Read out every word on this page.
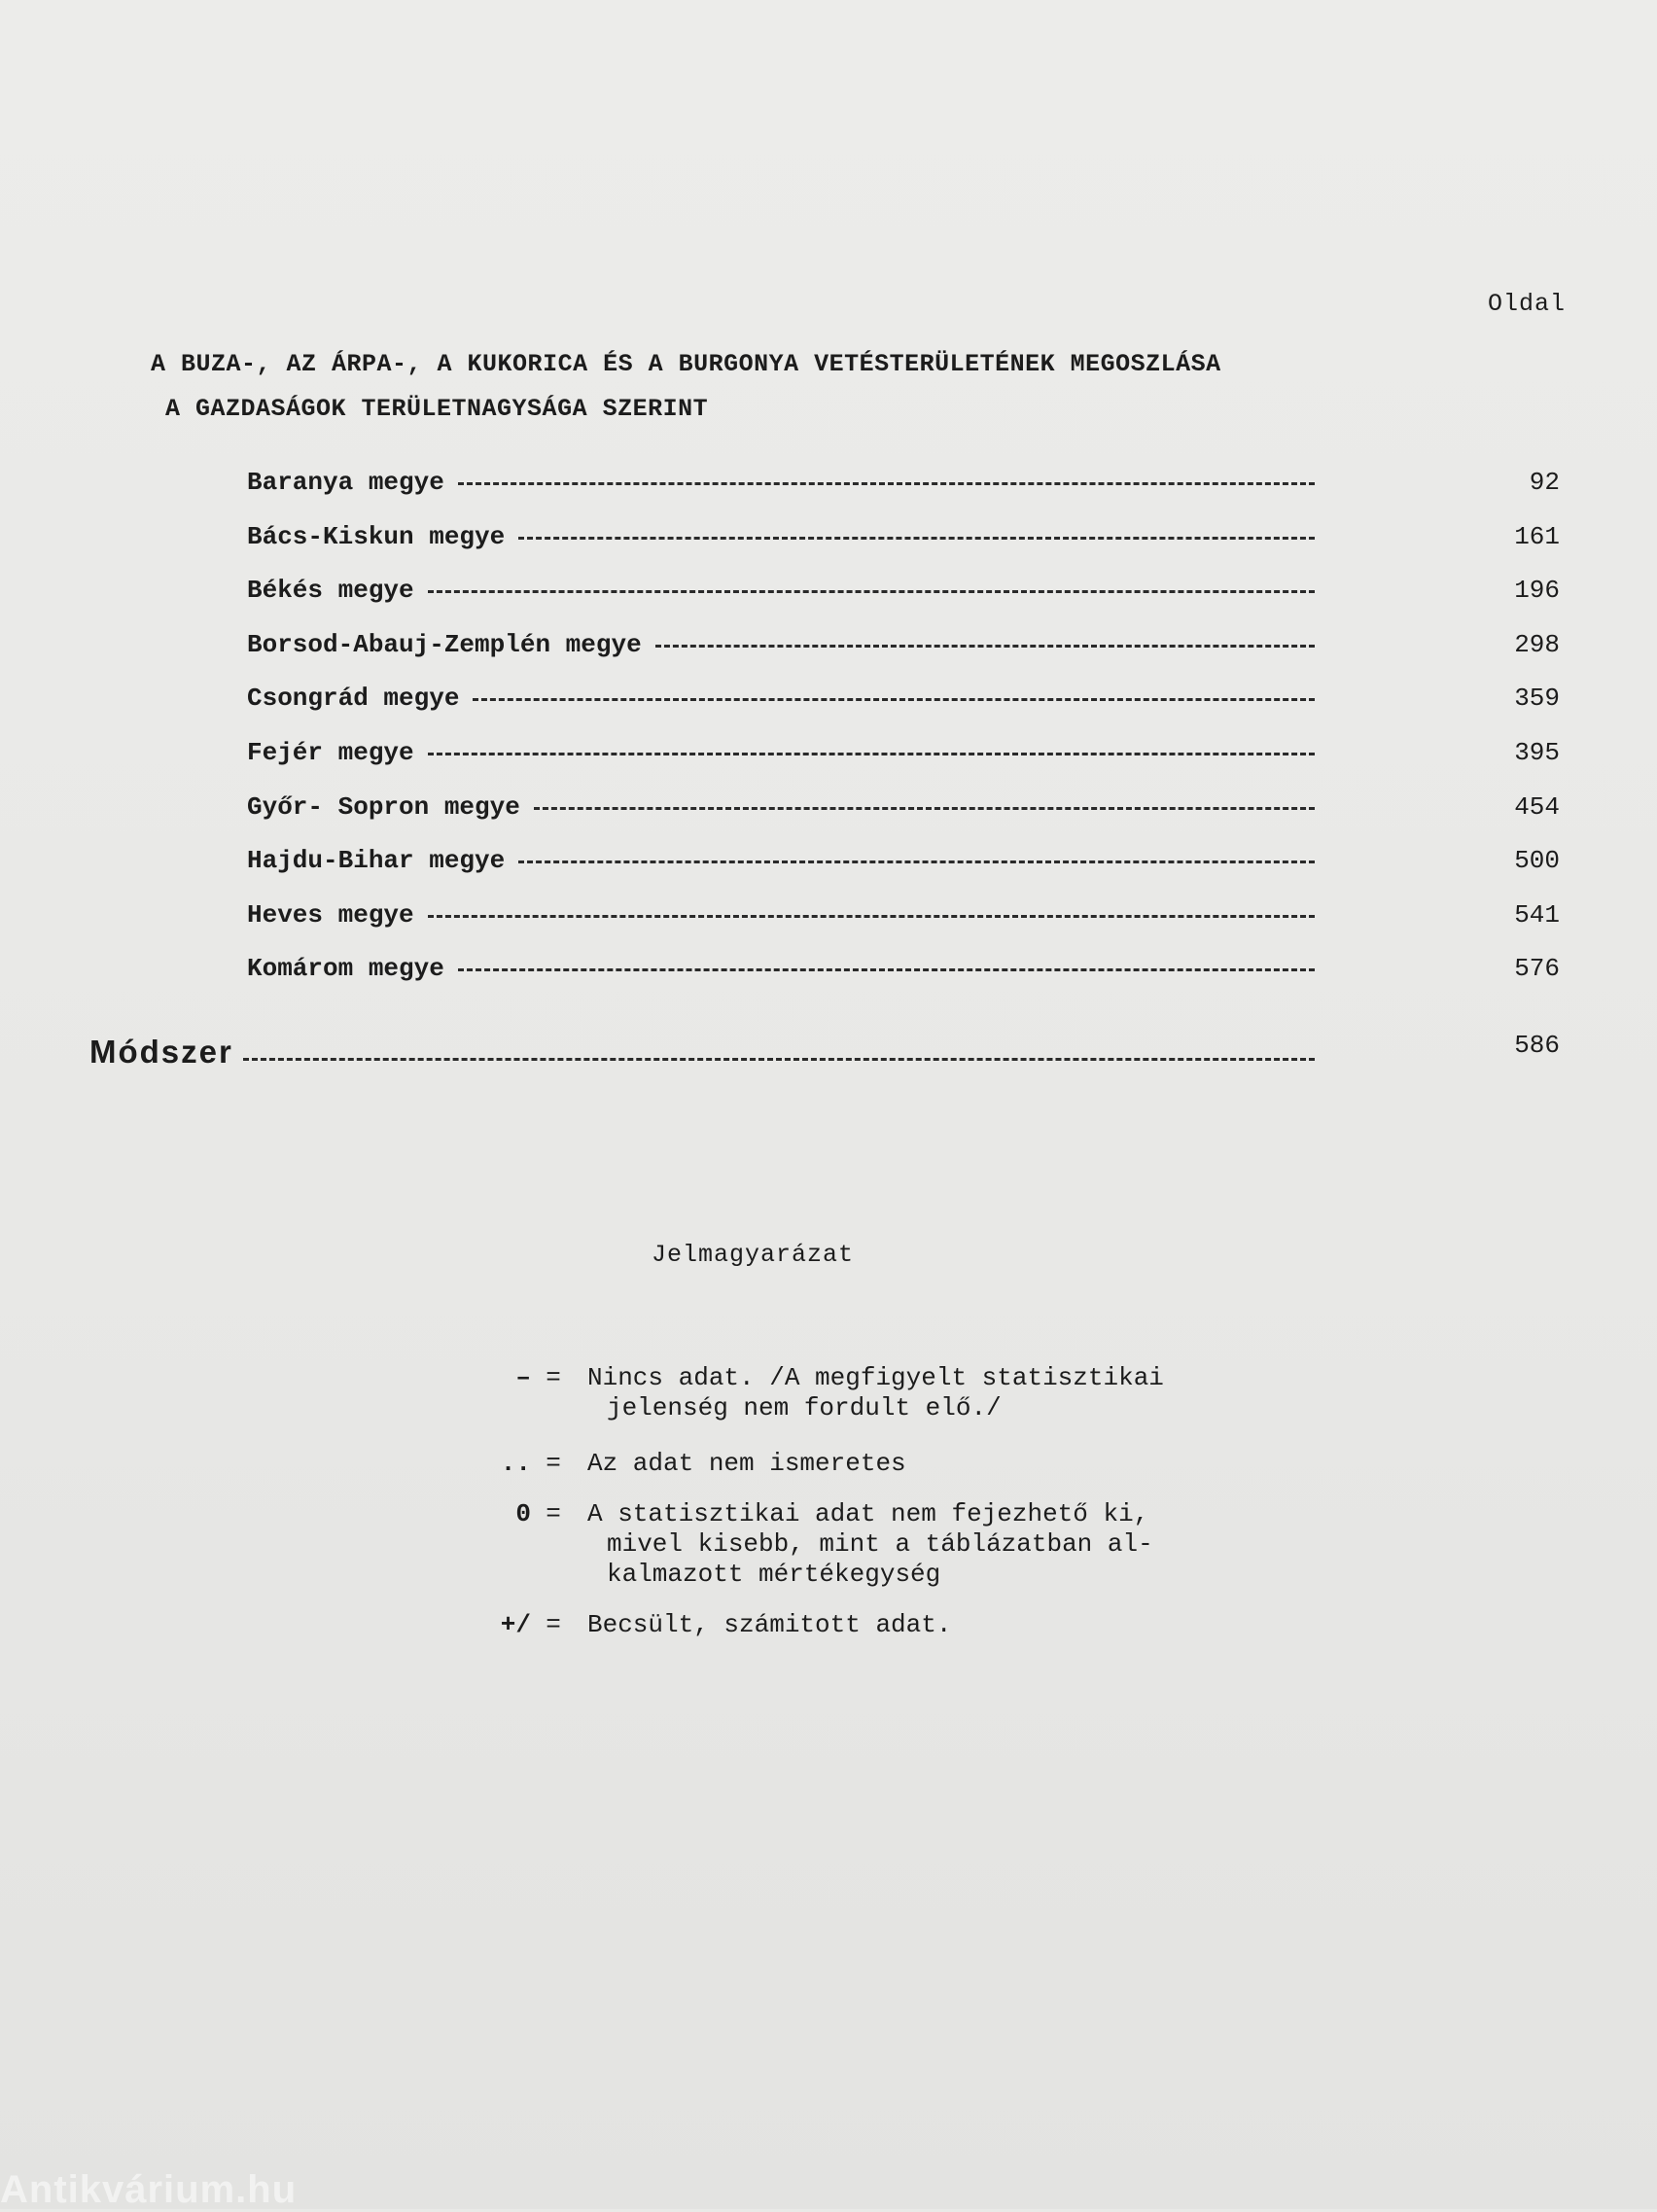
Oldal
A BUZA-, AZ ÁRPA-, A KUKORICA ÉS A BURGONYA VETÉSTERÜLETÉNEK MEGOSZLÁSA
A GAZDASÁGOK TERÜLETNAGYSÁGA SZERINT
Baranya megye	92
Bács-Kiskun megye	161
Békés megye	196
Borsod-Abauj-Zemplén megye	298
Csongrád megye	359
Fejér megye	395
Győr- Sopron megye	454
Hajdu-Bihar megye	500
Heves megye	541
Komárom megye	576
Módszer	586
Jelmagyarázat
– = Nincs adat. /A megfigyelt statisztikai
jelenség nem fordult elő./
.. = Az adat nem ismeretes
0 = A statisztikai adat nem fejezhető ki,
mivel kisebb, mint a táblázatban al-
kalmazott mértékegység
+/ = Becsült, számitott adat.
Antikvárium.hu
